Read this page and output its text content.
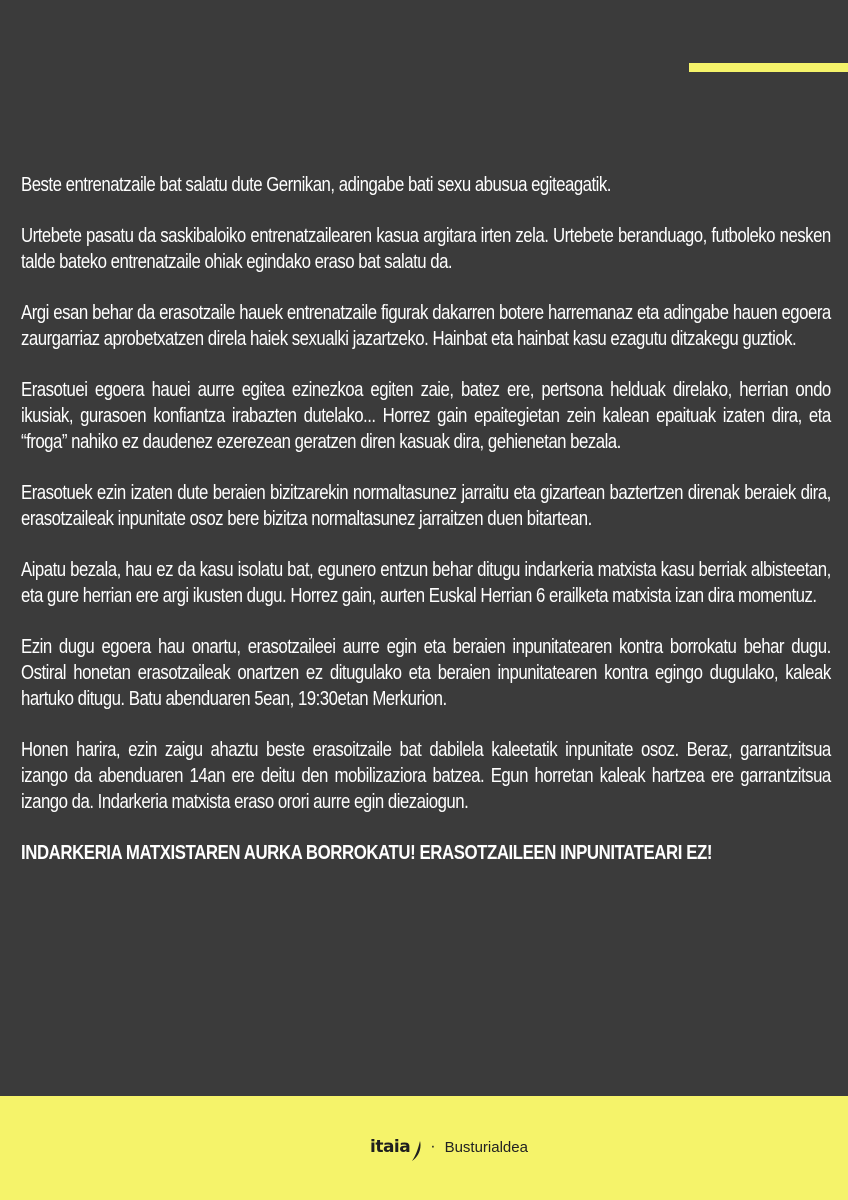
Beste entrenatzaile bat salatu dute Gernikan, adingabe bati sexu abusua egiteagatik.

Urtebete pasatu da saskibaloiko entrenatzailearen kasua argitara irten zela. Urtebete beranduago, futboleko nesken talde bateko entrenatzaile ohiak egindako eraso bat salatu da.

Argi esan behar da erasotzaile hauek entrenatzaile figurak dakarren botere harremanaz eta adingabe hauen egoera zaurgarriaz aprobetxatzen direla haiek sexualki jazartzeko. Hainbat eta hainbat kasu ezagutu ditzakegu guztiok.

Erasotuei egoera hauei aurre egitea ezinezkoa egiten zaie, batez ere, pertsona helduak direlako, herrian ondo ikusiak, gurasoen konfiantza irabazten dutelako... Horrez gain epaitegietan zein kalean epaituak izaten dira, eta “froga” nahiko ez daudenez ezerezean geratzen diren kasuak dira, gehienetan bezala.

Erasotuek ezin izaten dute beraien bizitzarekin normaltasunez jarraitu eta gizartean baztertzen direnak beraiek dira, erasotzaileak inpunitate osoz bere bizitza normaltasunez jarraitzen duen bitartean.

Aipatu bezala, hau ez da kasu isolatu bat, egunero entzun behar ditugu indarkeria matxista kasu berriak albisteetan, eta gure herrian ere argi ikusten dugu. Horrez gain, aurten Euskal Herrian 6 erailketa matxista izan dira momentuz.

Ezin dugu egoera hau onartu, erasotzaileei aurre egin eta beraien inpunitatearen kontra borrokatu behar dugu. Ostiral honetan erasotzaileak onartzen ez ditugulako eta beraien inpunitatearen kontra egingo dugulako, kaleak hartuko ditugu. Batu abenduaren 5ean, 19:30etan Merkurion.

Honen harira, ezin zaigu ahaztu beste erasoitzaile bat dabilela kaleetatik inpunitate osoz. Beraz, garrantzitsua izango da abenduaren 14an ere deitu den mobilizaziora batzea. Egun horretan kaleak hartzea ere garrantzitsua izango da. Indarkeria matxista eraso orori aurre egin diezaiogun.

INDARKERIA MATXISTAREN AURKA BORROKATU! ERASOTZAILEEN INPUNITATEARI EZ!

itaia	· Busturialdea
